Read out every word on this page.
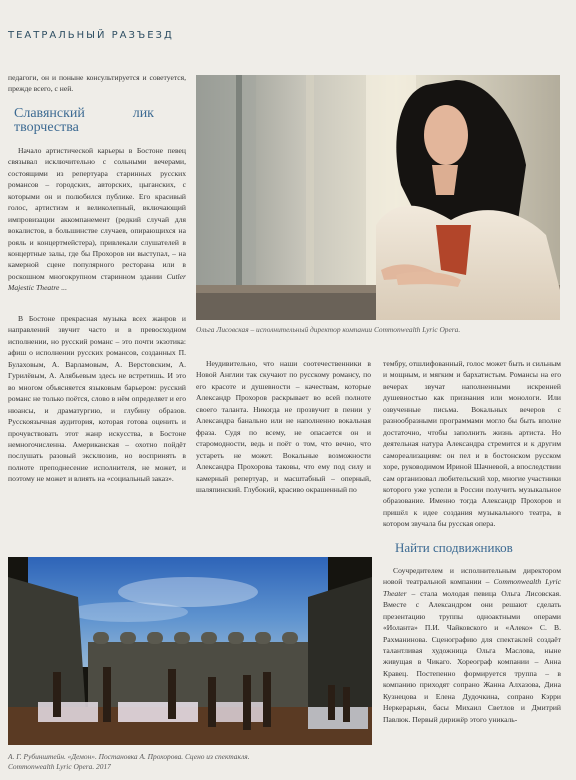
ТЕАТРАЛЬНЫЙ РАЗЪЕЗД

педагоги, он и поныне консультируется и советуется, прежде всего, с ней.

Славянский лик творчества

Начало артистической карьеры в Бостоне певец связывал исключительно с сольными вечерами, состоящими из репертуара старинных русских романсов – городских, авторских, цыганских, с которыми он и полюбился публике. Его красивый голос, артистизм и великолепный, включающий импровизации аккомпанемент (редкий случай для вокалистов, в большинстве случаев, опирающихся на рояль и концертмейстера), привлекали слушателей в концертные залы, где бы Прохоров ни выступал, – на камерной сцене популярного ресторана или в роскошном многокрупном старинном здании Cutler Majestic Theatre ...

Ольга Лисовская – исполнительный директор компании Commonwealth Lyric Opera.

В Бостоне прекрасная музыка всех жанров и направлений звучит часто и в превосходном исполнении, но русский романс – это почти экзотика: афиш о исполнении русских романсов, созданных П. Булаховым, А. Варламовым, А. Верстовским, А. Гурилёвым, А. Алябьевым здесь не встретишь. И это во многом объясняется языковым барьером: русский романс не только поётся, слово в нём определяет и его нюансы, и драматургию, и глубину образов. Русскоязычная аудитория, которая готова оценить и прочувствовать этот жанр искусства, в Бостоне немногочисленна. Американская – охотно пойдёт послушать разовый эксклюзив, но воспринять в полноте преподнесение исполнителя, не может, и поэтому не может и влиять на «социальный заказ».

Неудивительно, что наши соотечественники в Новой Англии так скучают по русскому романсу, по его красоте и душевности – качествам, которые Александр Прохоров раскрывает во всей полноте своего таланта. Никогда не прозвучит в пении у Александра банально или не наполненно вокальная фраза. Судя по всему, не опасается он и старомодности, ведь и поёт о том, что вечно, что устареть не может. Вокальные возможности Александра Прохорова таковы, что ему под силу и камерный репертуар, и масштабный – оперный, шаляпинский. Глубокий, красиво окрашенный по

тембру, отшлифованный, голос может быть и сильным и мощным, и мягким и бархатистым. Романсы на его вечерах звучат наполненными искренней душевностью как признания или монологи. Или озвученные письма. Вокальных вечеров с разнообразными программами могло бы быть вполне достаточно, чтобы заполнить жизнь артиста. Но деятельная натура Александра стремится и к другим самореализациям: он пел и в бостонском русском хоре, руководимом Ириной Шачневой, а впоследствии сам организовал любительский хор, многие участники которого уже успели в России получить музыкальное образование. Именно тогда Александр Прохоров и пришёл к идее создания музыкального театра, в котором звучала бы русская опера.

Найти сподвижников

Соучредителем и исполнительным директором новой театральной компании – Commonwealth Lyric Theater – стала молодая певица Ольга Лисовская. Вместе с Александром они решают сделать презентацию труппы одноактными операми «Иоланта» П.И. Чайковского и «Алеко» С. В. Рахманинова. Сценографию для спектаклей создаёт талантливая художница Ольга Маслова, ныне живущая в Чикаго. Хореограф компании – Анна Кравец. Постепенно формируется труппа – в компанию приходят сопрано Жанна Алхазова, Дина Кузнецова и Елена Дудочкина, сопрано Кэрри Неркерарьян, басы Михаил Светлов и Дмитрий Павлюк. Первый дирижёр этого уникаль-

А. Г. Рубинштейн. «Демон». Постановка А. Прохорова. Сцено из спектакля.
Commonwealth Lyric Opera. 2017
